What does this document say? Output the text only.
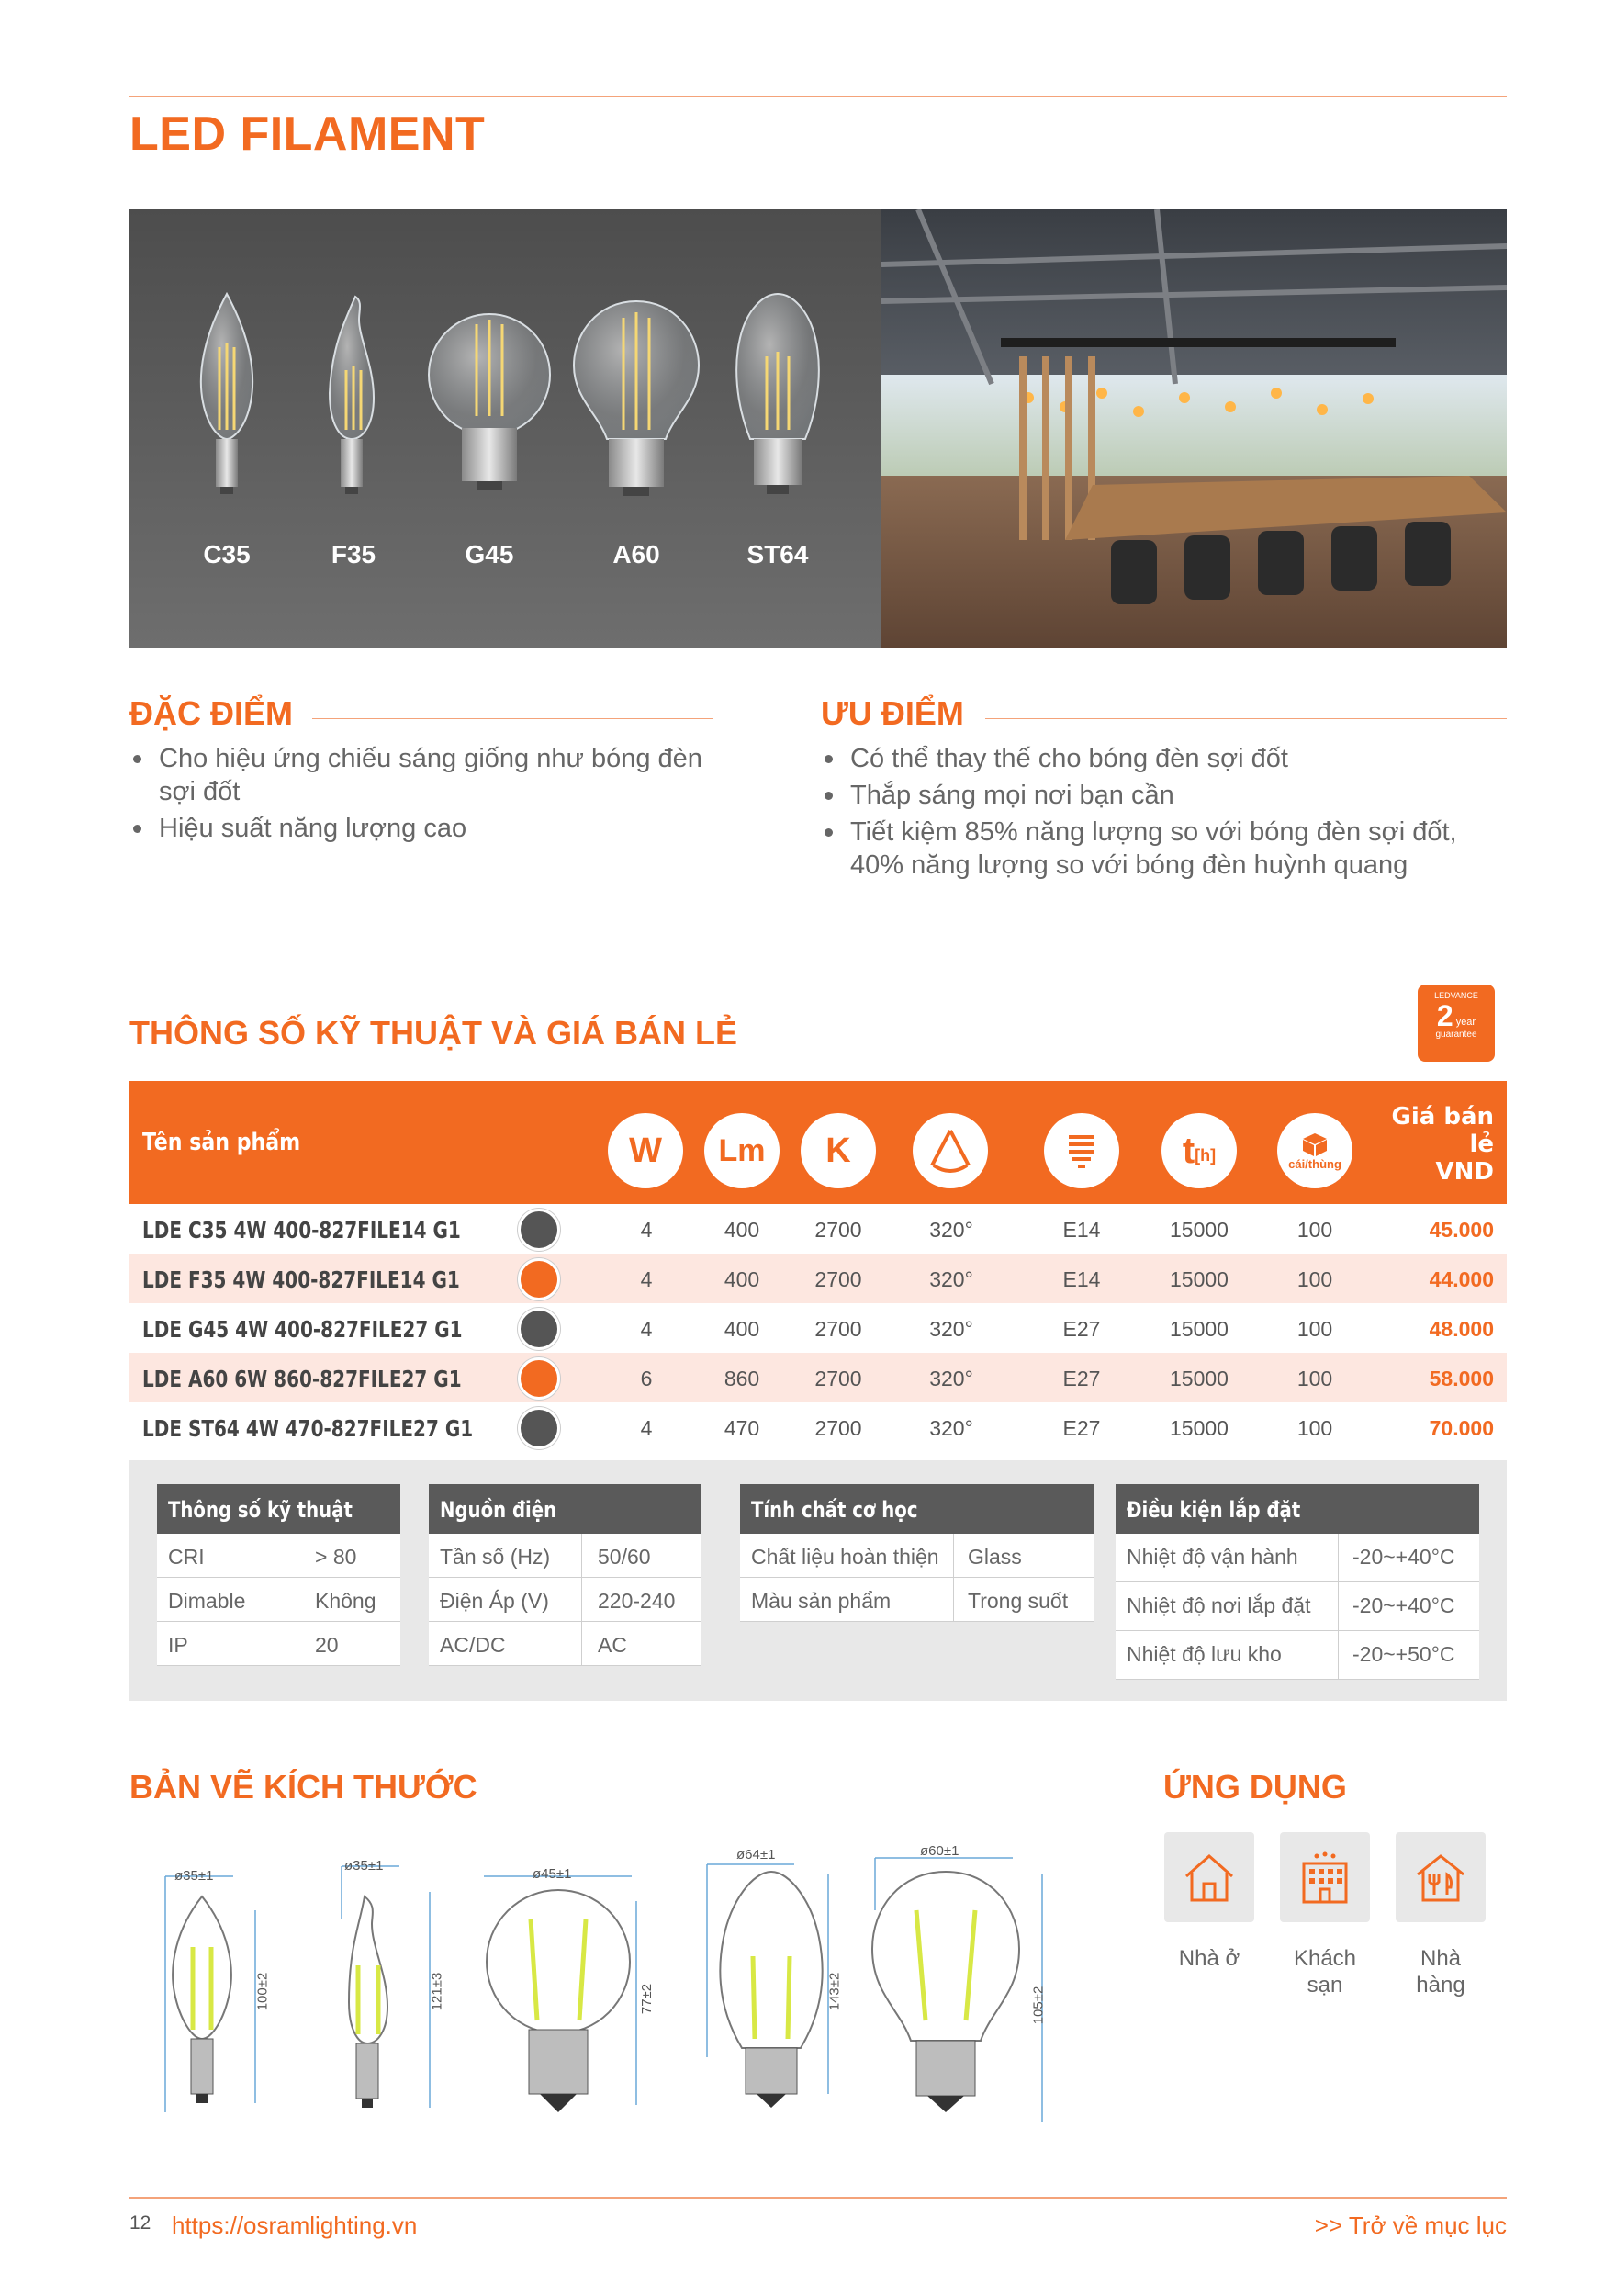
LED FILAMENT
C35	F35	G45	A60	ST64
ĐẶC ĐIỂM
Cho hiệu ứng chiếu sáng giống như bóng đèn sợi đốt
Hiệu suất năng lượng cao
ƯU ĐIỂM
Có thể thay thế cho bóng đèn sợi đốt
Thắp sáng mọi nơi bạn cần
Tiết kiệm 85% năng lượng so với bóng đèn sợi đốt, 40% năng lượng so với bóng đèn huỳnh quang
THÔNG SỐ KỸ THUẬT VÀ GIÁ BÁN LẺ
LEDVANCE
2 year
guarantee
Tên sản phẩm	W Lm K	t [h]	cái/thùng
Giá bán
lẻ
VND
LDE C35 4W 400-827FILE14 G1	4	400	2700	320°	E14	15000	100	45.000
LDE F35 4W 400-827FILE14 G1	4	400	2700	320°	E14	15000	100	44.000
LDE G45 4W 400-827FILE27 G1	4	400	2700	320°	E27	15000	100	48.000
LDE A60 6W 860-827FILE27 G1	6	860	2700	320°	E27	15000	100	58.000
LDE ST64 4W 470-827FILE27 G1	4	470	2700	320°	E27	15000	100	70.000
Thông số kỹ thuật
CRI	> 80
Dimable	Không
IP	20
Nguồn điện
Tần số (Hz) 50/60
Điện Áp (V) 220-240
AC/DC	AC
Tính chất cơ học
Chất liệu hoàn thiện Glass
Màu sản phẩm	Trong suốt
Điều kiện lắp đặt
Nhiệt độ vận hành	-20~+40°C
Nhiệt độ nơi lắp đặt -20~+40°C
Nhiệt độ lưu kho	-20~+50°C
BẢN VẼ KÍCH THƯỚC
ø35±1
100±2
ø35±1
121±3
ø45±1
77±2
ø64±1
143±2
ø60±1
105±2
ỨNG DỤNG
Nhà ở	Khách
sạn
Nhà
hàng
12 https://osramlighting.vn	>> Trở về mục lục
